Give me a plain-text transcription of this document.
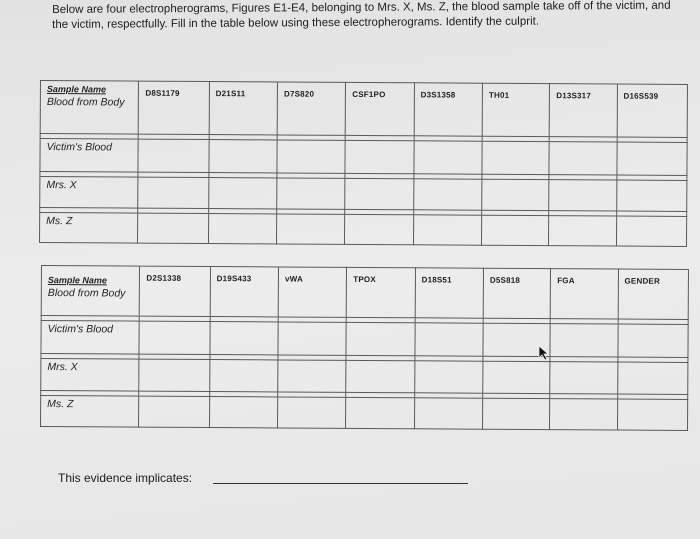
Below are four electropherograms, Figures E1-E4, belonging to Mrs. X, Ms. Z, the blood sample take off of the victim, and the victim, respectfully. Fill in the table below using these electropherograms. Identify the culprit.
Sample Name
Blood from Body	D8S1179	D21S11	D7S820	CSF1PO	D3S1358	TH01	D13S317	D16S539

Victim's Blood								

Mrs. X								

Ms. Z								
Sample Name
Blood from Body	D2S1338	D19S433	vWA	TPOX	D18S51	D5S818	FGA	GENDER

Victim's Blood								

Mrs. X								

Ms. Z								
This evidence implicates:
